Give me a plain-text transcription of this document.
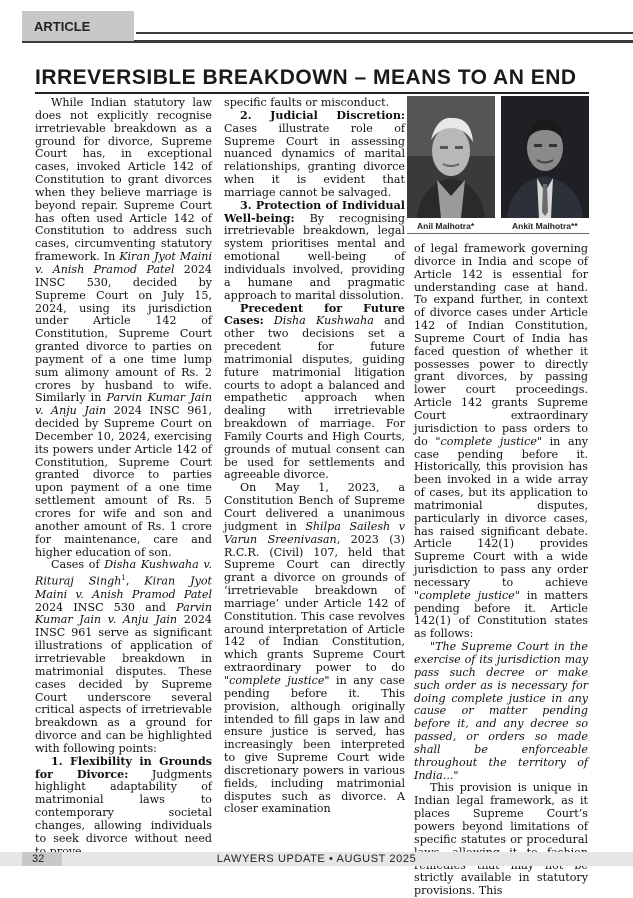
ARTICLE
IRREVERSIBLE BREAKDOWN – MEANS TO AN END

While Indian statutory law does not explicitly recognise irretrievable breakdown as a ground for divorce, Supreme Court has, in exceptional cases, invoked Article 142 of Constitution to grant divorces when they believe marriage is beyond repair. Supreme Court has often used Article 142 of Constitution to address such cases, circumventing statutory framework. In Kiran Jyot Maini v. Anish Pramod Patel 2024 INSC 530, decided by Supreme Court on July 15, 2024, using its jurisdiction under Article 142 of Constitution, Supreme Court granted divorce to parties on payment of a one time lump sum alimony amount of Rs. 2 crores by husband to wife. Similarly in Parvin Kumar Jain v. Anju Jain 2024 INSC 961, decided by Supreme Court on December 10, 2024, exercising its powers under Article 142 of Constitution, Supreme Court granted divorce to parties upon payment of a one time settlement amount of Rs. 5 crores for wife and son and another amount of Rs. 1 crore for maintenance, care and higher education of son.

Cases of Disha Kushwaha v. Rituraj Singh$^1$, Kiran Jyot Maini v. Anish Pramod Patel 2024 INSC 530 and Parvin Kumar Jain v. Anju Jain 2024 INSC 961 serve as significant illustrations of application of irretrievable breakdown in matrimonial disputes. These cases decided by Supreme Court underscore several critical aspects of irretrievable breakdown as a ground for divorce and can be highlighted with following points:

1. Flexibility in Grounds for Divorce: Judgments highlight adaptability of matrimonial laws to contemporary societal changes, allowing individuals to seek divorce without need

specific faults or misconduct.

2. Judicial Discretion: Cases illustrate role of Supreme Court in assessing nuanced dynamics of marital relationships, granting divorce when it is evident that marriage cannot be salvaged.

3. Protection of Individual Well-being: By recognising irretrievable breakdown, legal system prioritises mental and emotional well-being of individuals involved, providing a humane and pragmatic approach to marital dissolution.

Precedent for Future Cases: Disha Kushwaha and other two decisions set a precedent for future matrimonial disputes, guiding future matrimonial litigation courts to adopt a balanced and empathetic approach when dealing with irretrievable breakdown of marriage. For Family Courts and High Courts, grounds of mutual consent can be used for settlements and agreeable divorce.

On May 1, 2023, a Constitution Bench of Supreme Court delivered a unanimous judgment in Shilpa Sailesh v Varun Sreenivasan, 2023 (3) R.C.R. (Civil) 107, held that Supreme Court can directly grant a divorce on grounds of ‘irretrievable breakdown of marriage’ under Article 142 of Constitution. This case revolves around interpretation of Article 142 of Indian Constitution, which grants Supreme Court extraordinary power to do "complete justice" in any case pending before it. This provision, although originally intended to fill gaps in law and ensure justice is served, has increasingly been interpreted to give Supreme Court wide discretionary powers in various fields, including matrimonial disputes such as divorce. A closer examination

Anil Malhotra*	Ankit Malhotra**

of legal framework governing divorce in India and scope of Article 142 is essential for understanding case at hand. To expand further, in context of divorce cases under Article 142 of Indian Constitution, Supreme Court of India has faced question of whether it possesses power to directly grant divorces, by passing lower court proceedings. Article 142 grants Supreme Court extraordinary jurisdiction to pass orders to do "complete justice" in any case pending before it. Historically, this provision has been invoked in a wide array of cases, but its application to matrimonial disputes, particularly in divorce cases, has raised significant debate. Article 142(1) provides Supreme Court with a wide jurisdiction to pass any order necessary to achieve "complete justice" in matters pending before it. Article 142(1) of Constitution states as follows:

"The Supreme Court in the exercise of its jurisdiction may pass such decree or make such order as is necessary for doing complete justice in any cause or matter pending before it, and any decree so passed, or orders so made shall be enforceable throughout the territory of India..."

This provision is unique in Indian legal framework, as it places Supreme Court’s powers beyond limitations of specific statutes or procedural strictly available in statutory provisions. This

32	LAWYERS UPDATE • AUGUST 2025
